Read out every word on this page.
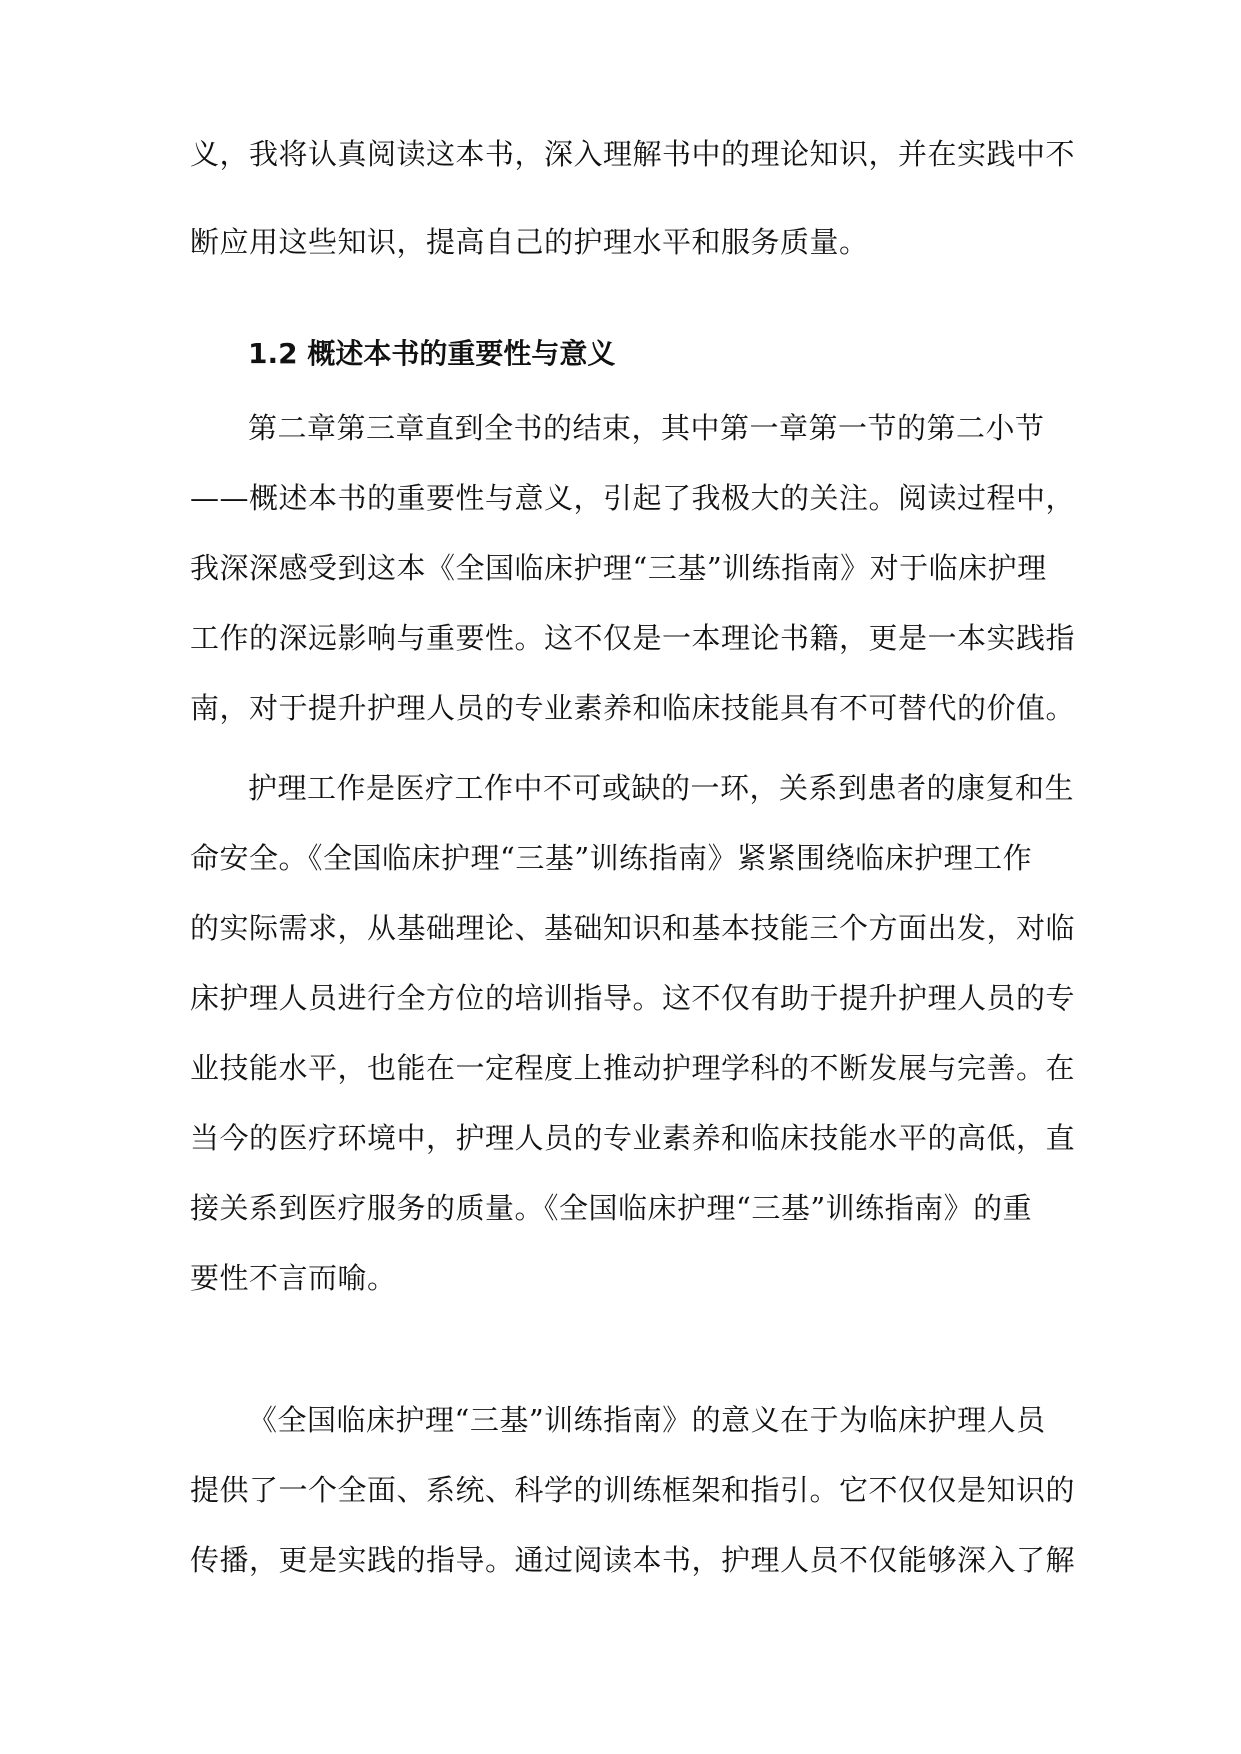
义，我将认真阅读这本书，深入理解书中的理论知识，并在实践中不
断应用这些知识，提高自己的护理水平和服务质量。
1.2 概述本书的重要性与意义
第二章第三章直到全书的结束，其中第一章第一节的第二小节
——概述本书的重要性与意义，引起了我极大的关注。阅读过程中，
我深深感受到这本《全国临床护理“三基”训练指南》对于临床护理
工作的深远影响与重要性。这不仅是一本理论书籍，更是一本实践指
南，对于提升护理人员的专业素养和临床技能具有不可替代的价值。
护理工作是医疗工作中不可或缺的一环，关系到患者的康复和生
命安全。《全国临床护理“三基”训练指南》紧紧围绕临床护理工作
的实际需求，从基础理论、基础知识和基本技能三个方面出发，对临
床护理人员进行全方位的培训指导。这不仅有助于提升护理人员的专
业技能水平，也能在一定程度上推动护理学科的不断发展与完善。在
当今的医疗环境中，护理人员的专业素养和临床技能水平的高低，直
接关系到医疗服务的质量。《全国临床护理“三基”训练指南》的重
要性不言而喻。
《全国临床护理“三基”训练指南》的意义在于为临床护理人员
提供了一个全面、系统、科学的训练框架和指引。它不仅仅是知识的
传播，更是实践的指导。通过阅读本书，护理人员不仅能够深入了解
